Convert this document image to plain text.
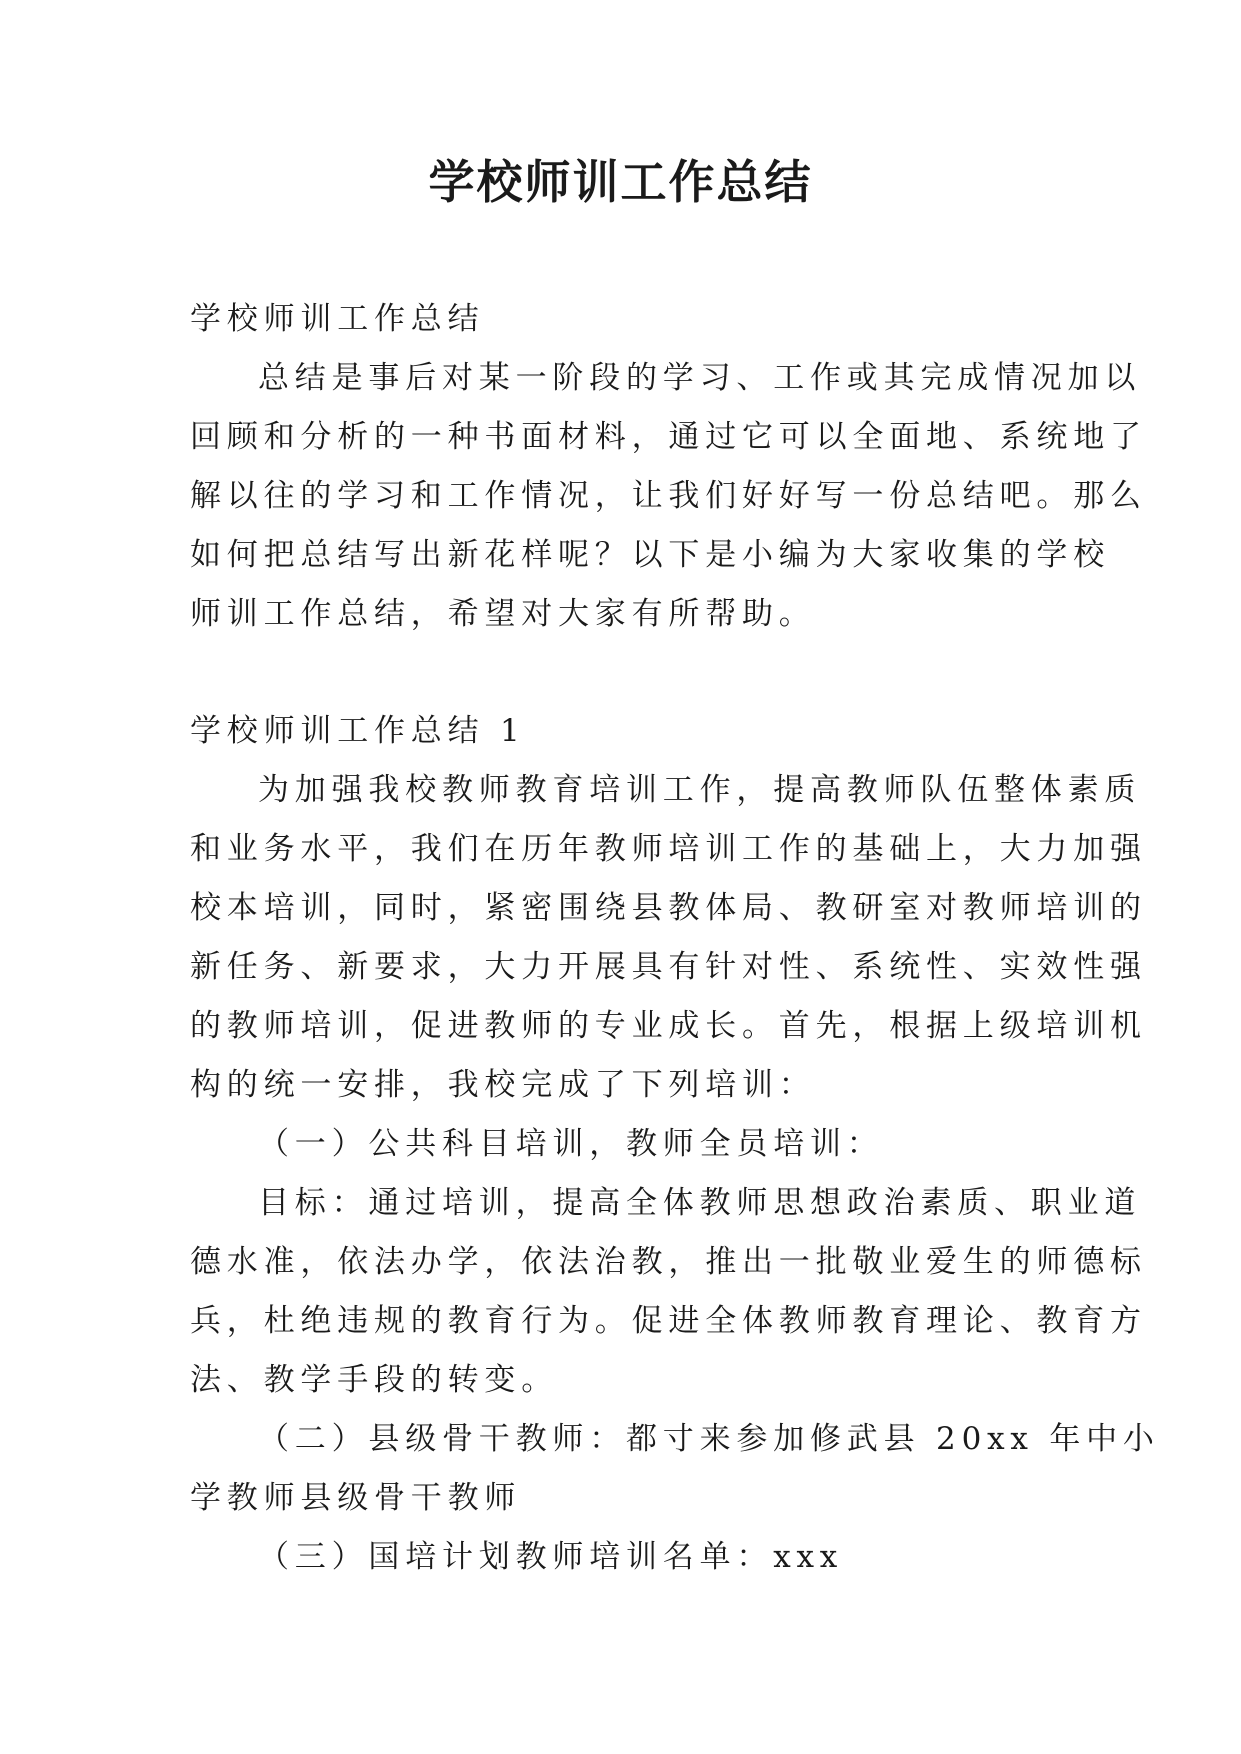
学校师训工作总结

学校师训工作总结

总结是事后对某一阶段的学习、工作或其完成情况加以

回顾和分析的一种书面材料，通过它可以全面地、系统地了

解以往的学习和工作情况，让我们好好写一份总结吧。那么

如何把总结写出新花样呢？以下是小编为大家收集的学校

师训工作总结，希望对大家有所帮助。

学校师训工作总结 1

为加强我校教师教育培训工作，提高教师队伍整体素质

和业务水平，我们在历年教师培训工作的基础上，大力加强

校本培训，同时，紧密围绕县教体局、教研室对教师培训的

新任务、新要求，大力开展具有针对性、系统性、实效性强

的教师培训，促进教师的专业成长。首先，根据上级培训机

构的统一安排，我校完成了下列培训：

（一）公共科目培训，教师全员培训：

目标：通过培训，提高全体教师思想政治素质、职业道

德水准，依法办学，依法治教，推出一批敬业爱生的师德标

兵，杜绝违规的教育行为。促进全体教师教育理论、教育方

法、教学手段的转变。

（二）县级骨干教师：都寸来参加修武县 20xx 年中小

学教师县级骨干教师

（三）国培计划教师培训名单：xxx
